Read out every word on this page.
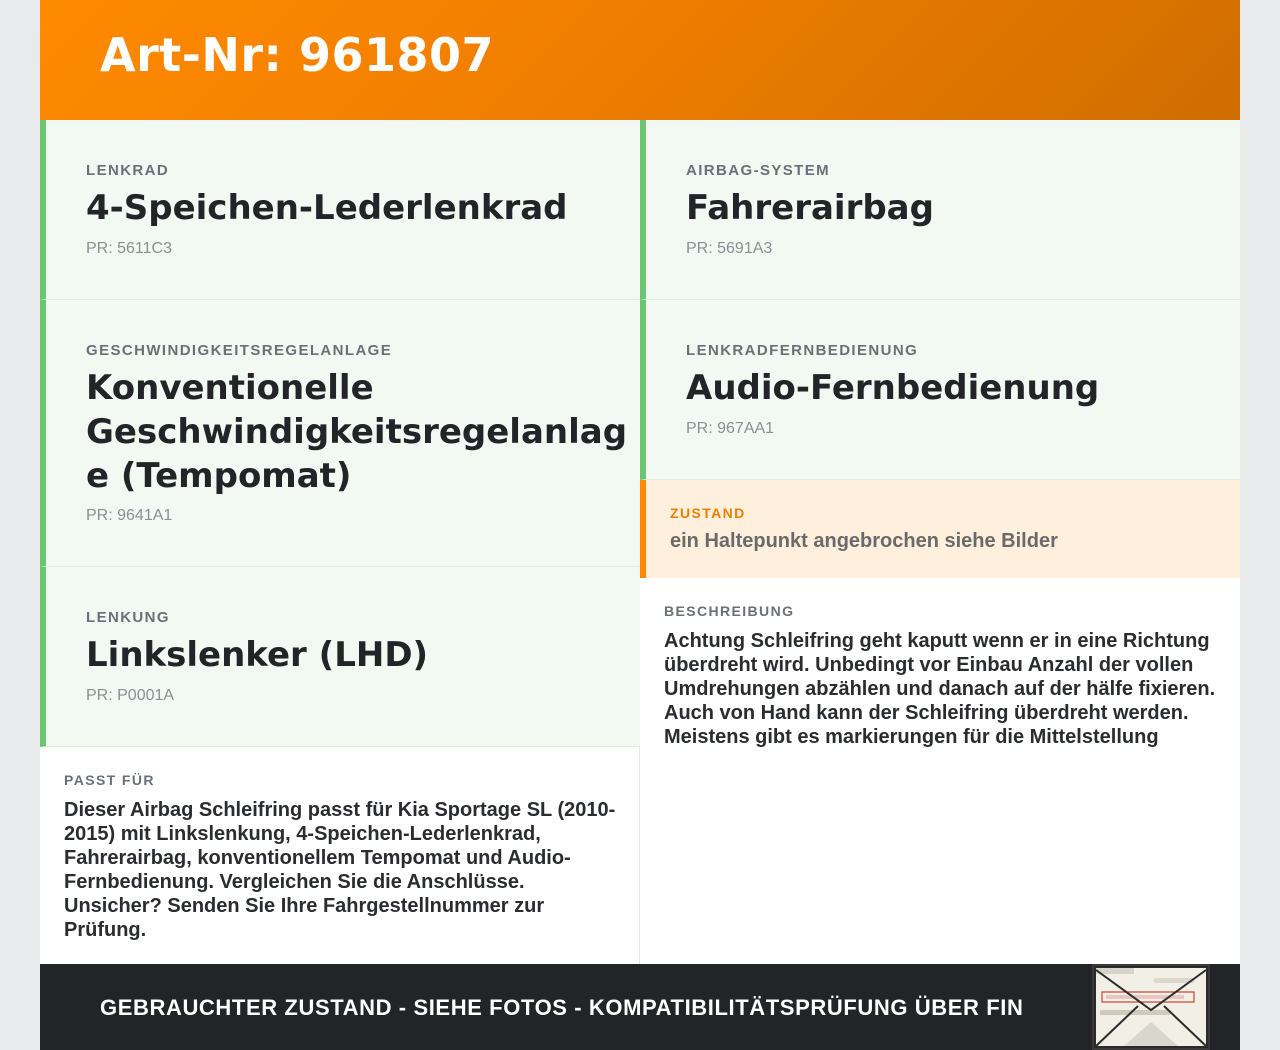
Art-Nr: 961807
LENKRAD
4-Speichen-Lederlenkrad
PR: 5611C3
AIRBAG-SYSTEM
Fahrerairbag
PR: 5691A3
GESCHWINDIGKEITSREGELANLAGE
Konventionelle Geschwindigkeitsregelanlag e (Tempomat)
PR: 9641A1
LENKRADFERNBEDIENUNG
Audio-Fernbedienung
PR: 967AA1
LENKUNG
Linkslenker (LHD)
PR: P0001A
ZUSTAND
ein Haltepunkt angebrochen siehe Bilder
BESCHREIBUNG
Achtung Schleifring geht kaputt wenn er in eine Richtung überdreht wird. Unbedingt vor Einbau Anzahl der vollen Umdrehungen abzählen und danach auf der hälfe fixieren. Auch von Hand kann der Schleifring überdreht werden. Meistens gibt es markierungen für die Mittelstellung
PASST FÜR
Dieser Airbag Schleifring passt für Kia Sportage SL (2010-2015) mit Linkslenkung, 4-Speichen-Lederlenkrad, Fahrerairbag, konventionellem Tempomat und Audio-Fernbedienung. Vergleichen Sie die Anschlüsse. Unsicher? Senden Sie Ihre Fahrgestellnummer zur Prüfung.
GEBRAUCHTER ZUSTAND - SIEHE FOTOS - KOMPATIBILITÄTSPRÜFUNG ÜBER FIN
